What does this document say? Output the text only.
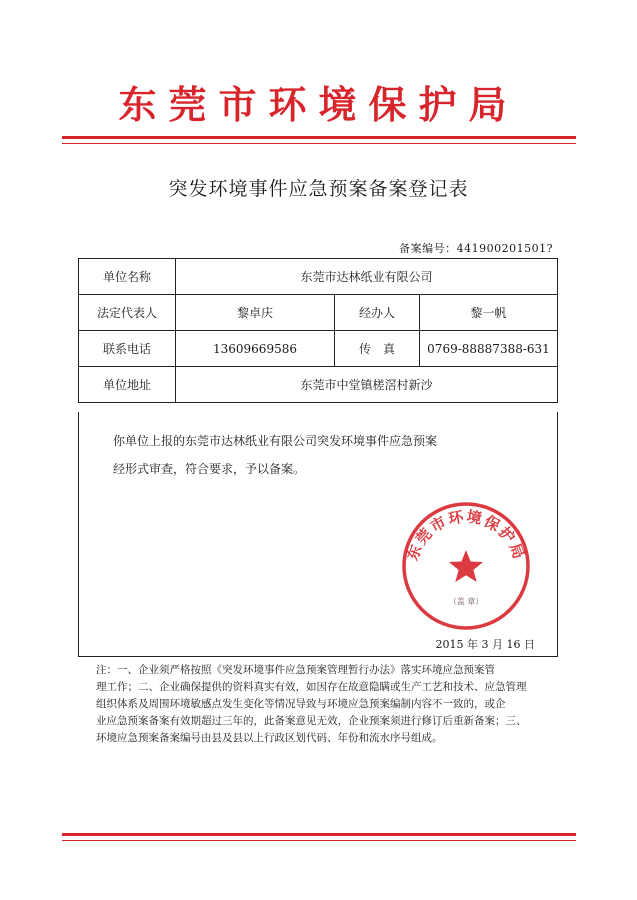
东莞市环境保护局
突发环境事件应急预案备案登记表
备案编号：441900201501?
单位名称	东莞市达林纸业有限公司		
法定代表人	黎卓庆	经办人	黎一帆
联系电话	13609669586	传　真	0769-88887388-631
单位地址	东莞市中堂镇槎滘村新沙		
你单位上报的东莞市达林纸业有限公司突发环境事件应急预案
经形式审查，符合要求，予以备案。
2015 年 3 月 16 日
东莞市环境保护局
（盖 章）
注：一、企业须严格按照《突发环境事件应急预案管理暂行办法》落实环境应急预案管
理工作；二、企业确保提供的资料真实有效，如因存在故意隐瞒或生产工艺和技术、应急管理
组织体系及周围环境敏感点发生变化等情况导致与环境应急预案编制内容不一致的，或企
业应急预案备案有效期超过三年的，此备案意见无效，企业预案须进行修订后重新备案；三、
环境应急预案备案编号由县及县以上行政区划代码、年份和流水序号组成。
